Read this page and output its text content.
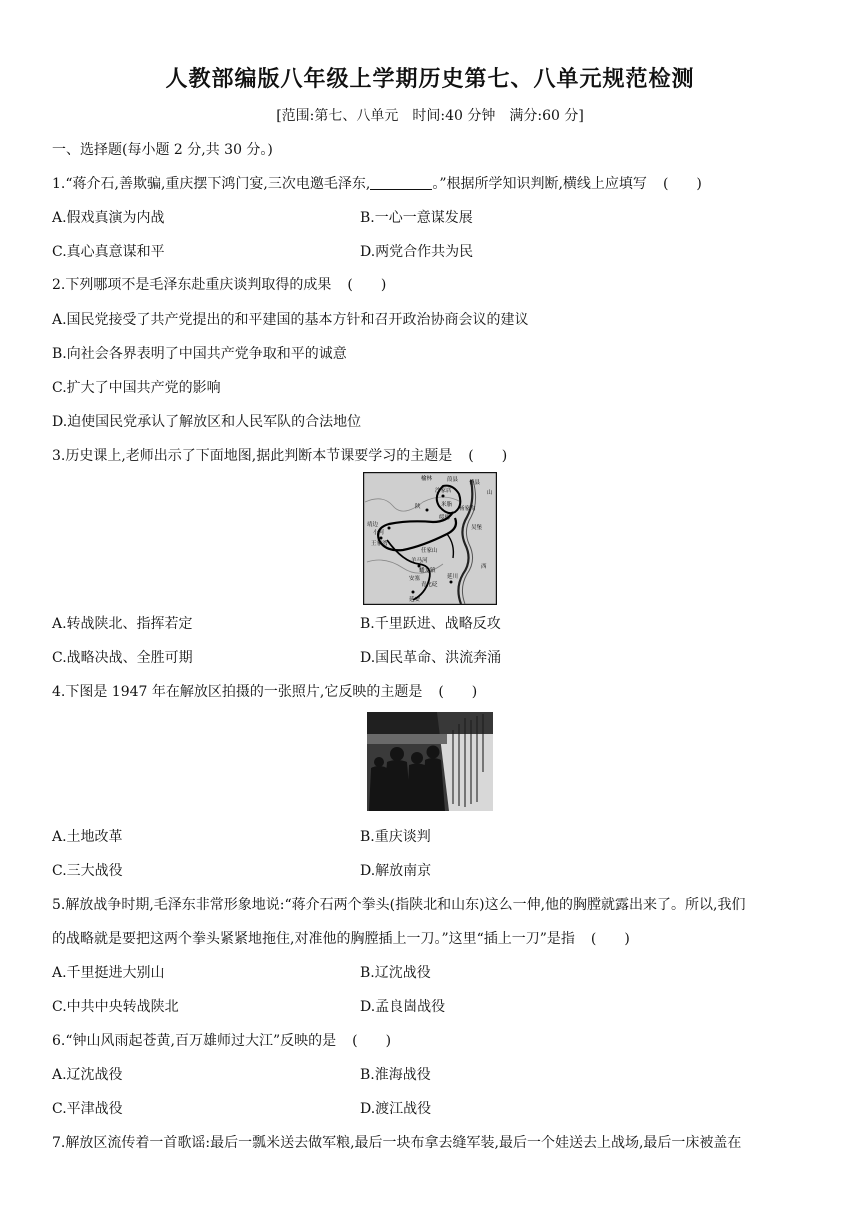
人教部编版八年级上学期历史第七、八单元规范检测
[范围:第七、八单元　时间:40 分钟　满分:60 分]
一、选择题(每小题 2 分,共 30 分。)
1.“蒋介石,善欺骗,重庆摆下鸿门宴,三次电邀毛泽东,	。”根据所学知识判断,横线上应填写 (　　)
A.假戏真演为内战	B.一心一意谋发展
C.真心真意谋和平	D.两党合作共为民
2.下列哪项不是毛泽东赴重庆谈判取得的成果 (　　)
A.国民党接受了共产党提出的和平建国的基本方针和召开政治协商会议的建议
B.向社会各界表明了中国共产党争取和平的诚意
C.扩大了中国共产党的影响
D.迫使国民党承认了解放区和人民军队的合法地位
3.历史课上,老师出示了下面地图,据此判断本节课要学习的主题是 (　　)
榆林	葭县 佳县
沙家店
米脂
杨家沟
绥德
吴堡
靖边
小河
王家湾
任家山
陕
西
山
羊马河
蟠龙镇
安塞
青化砭
延川
延安
A.转战陕北、指挥若定	B.千里跃进、战略反攻
C.战略决战、全胜可期	D.国民革命、洪流奔涌
4.下图是 1947 年在解放区拍摄的一张照片,它反映的主题是 (　　)
A.土地改革	B.重庆谈判
C.三大战役	D.解放南京
5.解放战争时期,毛泽东非常形象地说:“蒋介石两个拳头(指陕北和山东)这么一伸,他的胸膛就露出来了。所以,我们
的战略就是要把这两个拳头紧紧地拖住,对准他的胸膛插上一刀。”这里“插上一刀”是指 (　　)
A.千里挺进大别山	B.辽沈战役
C.中共中央转战陕北	D.孟良崮战役
6.“钟山风雨起苍黄,百万雄师过大江”反映的是 (　　)
A.辽沈战役	B.淮海战役
C.平津战役	D.渡江战役
7.解放区流传着一首歌谣:最后一瓢米送去做军粮,最后一块布拿去缝军装,最后一个娃送去上战场,最后一床被盖在
